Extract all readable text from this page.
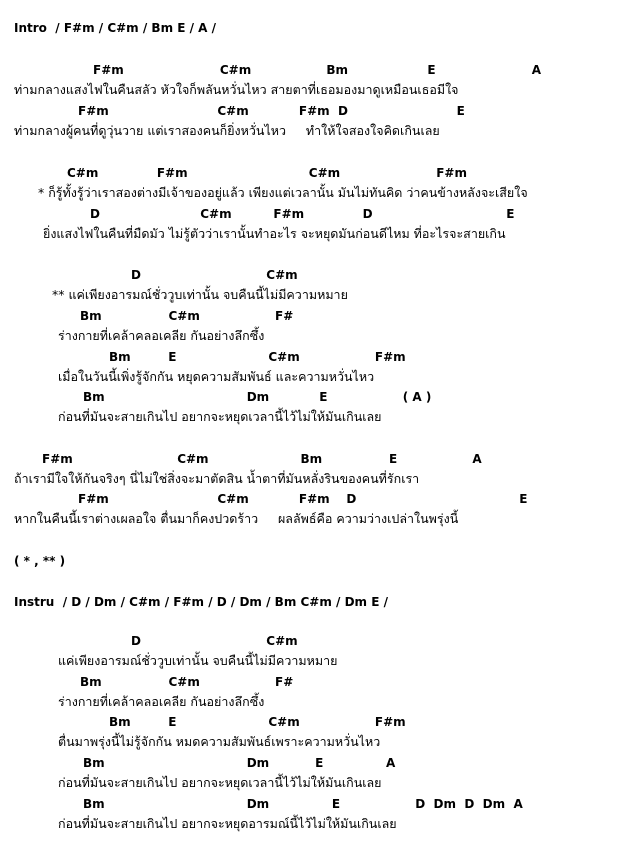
Intro  / F#m / C#m / Bm E / A /

F#m                       C#m                  Bm                   E                       A

ท่ามกลางแสงไฟในคืนสลัว หัวใจก็พลันหวั่นไหว สายตาที่เธอมองมาดูเหมือนเธอมีใจ

F#m                          C#m            F#m  D                          E

ท่ามกลางผู้คนที่ดูวุ่นวาย แต่เราสองคนก็ยิ่งหวั่นไหว     ทำให้ใจสองใจคิดเกินเลย

C#m              F#m                             C#m                       F#m

* ก็รู้ทั้งรู้ว่าเราสองต่างมีเจ้าของอยู่แล้ว เพียงแต่เวลานั้น มันไม่ทันคิด ว่าคนข้างหลังจะเสียใจ

D                        C#m          F#m              D                                E

ยิ่งแสงไฟในคืนที่มืดมัว ไม่รู้ตัวว่าเรานั้นทำอะไร จะหยุดมันก่อนดีไหม ที่อะไรจะสายเกิน

D                              C#m

** แค่เพียงอารมณ์ชั่ววูบเท่านั้น จบคืนนี้ไม่มีความหมาย

Bm                C#m                  F#

ร่างกายที่เคล้าคลอเคลีย กันอย่างลึกซึ้ง

Bm         E                      C#m                  F#m

เมื่อในวันนี้เพิ่งรู้จักกัน หยุดความสัมพันธ์ และความหวั่นไหว

Bm                                  Dm            E                  ( A )

ก่อนที่มันจะสายเกินไป อยากจะหยุดเวลานี้ไว้ไม่ให้มันเกินเลย

F#m                         C#m                      Bm                E                  A

ถ้าเรามีใจให้กันจริงๆ นี่ไม่ใช่สิ่งจะมาตัดสิน น้ำตาที่มันหลั่งรินของคนที่รักเรา

F#m                          C#m            F#m    D                                       E

หากในคืนนี้เราต่างเผลอใจ ตื่นมาก็คงปวดร้าว     ผลลัพธ์คือ ความว่างเปล่าในพรุ่งนี้

( * , ** )

Instru  / D / Dm / C#m / F#m / D / Dm / Bm C#m / Dm E /

D                              C#m

แค่เพียงอารมณ์ชั่ววูบเท่านั้น จบคืนนี้ไม่มีความหมาย

Bm                C#m                  F#

ร่างกายที่เคล้าคลอเคลีย กันอย่างลึกซึ้ง

Bm         E                      C#m                  F#m

ตื่นมาพรุ่งนี้ไม่รู้จักกัน หมดความสัมพันธ์เพราะความหวั่นไหว

Bm                                  Dm           E               A

ก่อนที่มันจะสายเกินไป อยากจะหยุดเวลานี้ไว้ไม่ให้มันเกินเลย

Bm                                  Dm               E                  D  Dm  D  Dm  A

ก่อนที่มันจะสายเกินไป อยากจะหยุดอารมณ์นี้ไว้ไม่ให้มันเกินเลย
